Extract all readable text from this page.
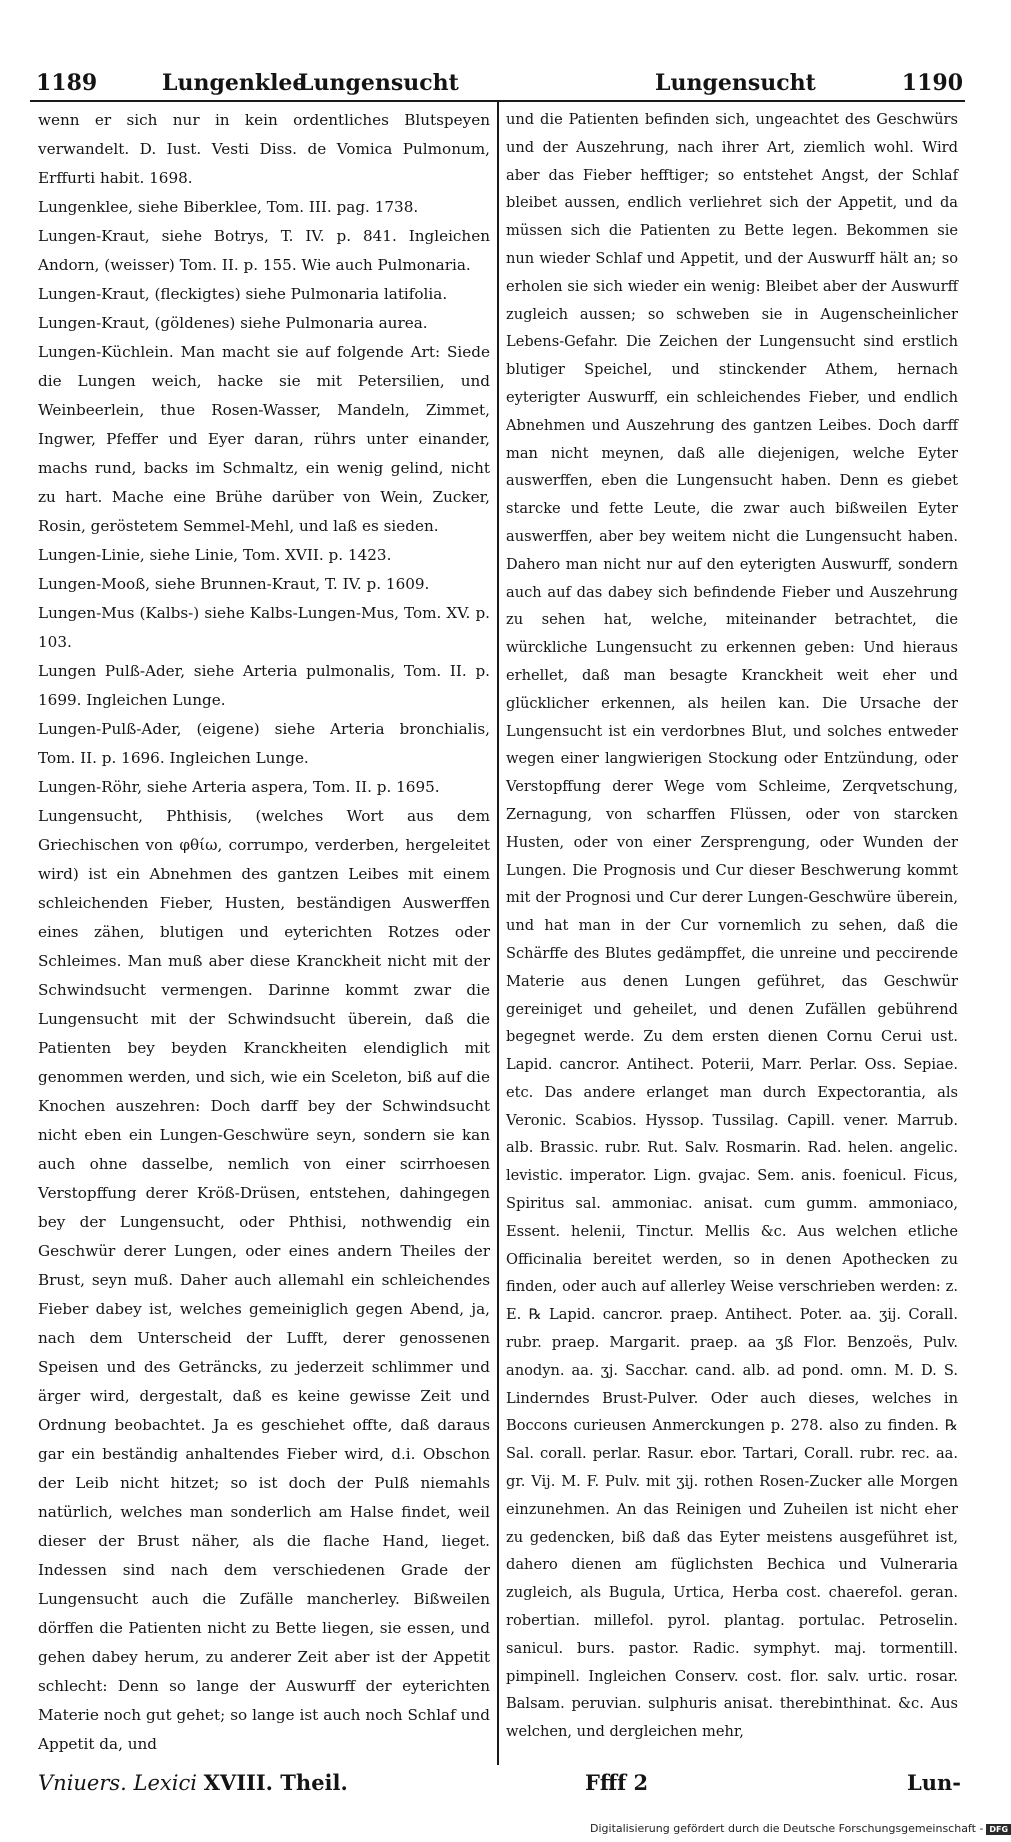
1189	Lungenklee
Lungensucht	Lungensucht	1190

wenn er sich nur in kein ordentliches Blutspeyen verwandelt. D. Iust. Vesti Diss. de Vomica Pulmonum, Erffurti habit. 1698.

Lungenklee, siehe Biberklee, Tom. III. pag. 1738.

Lungen-Kraut, siehe Botrys, T. IV. p. 841. Ingleichen Andorn, (weisser) Tom. II. p. 155. Wie auch Pulmonaria.

Lungen-Kraut, (fleckigtes) siehe Pulmonaria latifolia.

Lungen-Kraut, (göldenes) siehe Pulmonaria aurea.

Lungen-Küchlein. Man macht sie auf folgende Art: Siede die Lungen weich, hacke sie mit Petersilien, und Weinbeerlein, thue Rosen-Wasser, Mandeln, Zimmet, Ingwer, Pfeffer und Eyer daran, rührs unter einander, machs rund, backs im Schmaltz, ein wenig gelind, nicht zu hart. Mache eine Brühe darüber von Wein, Zucker, Rosin, geröstetem Semmel-Mehl, und laß es sieden.

Lungen-Linie, siehe Linie, Tom. XVII. p. 1423.

Lungen-Mooß, siehe Brunnen-Kraut, T. IV. p. 1609.

Lungen-Mus (Kalbs-) siehe Kalbs-Lungen-Mus, Tom. XV. p. 103.

Lungen Pulß-Ader, siehe Arteria pulmonalis, Tom. II. p. 1699. Ingleichen Lunge.

Lungen-Pulß-Ader, (eigene) siehe Arteria bronchialis, Tom. II. p. 1696. Ingleichen Lunge.

Lungen-Röhr, siehe Arteria aspera, Tom. II. p. 1695.

Lungensucht, Phthisis, (welches Wort aus dem Griechischen von φθίω, corrumpo, verderben, hergeleitet wird) ist ein Abnehmen des gantzen Leibes mit einem schleichenden Fieber, Husten, beständigen Auswerffen eines zähen, blutigen und eyterichten Rotzes oder Schleimes. Man muß aber diese Kranckheit nicht mit der Schwindsucht vermengen. Darinne kommt zwar die Lungensucht mit der Schwindsucht überein, daß die Patienten bey beyden Kranckheiten elendiglich mit genommen werden, und sich, wie ein Sceleton, biß auf die Knochen auszehren: Doch darff bey der Schwindsucht nicht eben ein Lungen-Geschwüre seyn, sondern sie kan auch ohne dasselbe, nemlich von einer scirrhoesen Verstopffung derer Kröß-Drüsen, entstehen, dahingegen bey der Lungensucht, oder Phthisi, nothwendig ein Geschwür derer Lungen, oder eines andern Theiles der Brust, seyn muß. Daher auch allemahl ein schleichendes Fieber dabey ist, welches gemeiniglich gegen Abend, ja, nach dem Unterscheid der Lufft, derer genossenen Speisen und des Geträncks, zu jederzeit schlimmer und ärger wird, dergestalt, daß es keine gewisse Zeit und Ordnung beobachtet. Ja es geschiehet offte, daß daraus gar ein beständig anhaltendes Fieber wird, d.i. Obschon der Leib nicht hitzet; so ist doch der Pulß niemahls natürlich, welches man sonderlich am Halse findet, weil dieser der Brust näher, als die flache Hand, lieget. Indessen sind nach dem verschiedenen Grade der Lungensucht auch die Zufälle mancherley. Bißweilen dörffen die Patienten nicht zu Bette liegen, sie essen, und gehen dabey herum, zu anderer Zeit aber ist der Appetit schlecht: Denn so lange der Auswurff der eyterichten Materie noch gut gehet; so lange ist auch noch Schlaf und Appetit da, und

und die Patienten befinden sich, ungeachtet des Geschwürs und der Auszehrung, nach ihrer Art, ziemlich wohl. Wird aber das Fieber hefftiger; so entstehet Angst, der Schlaf bleibet aussen, endlich verliehret sich der Appetit, und da müssen sich die Patienten zu Bette legen. Bekommen sie nun wieder Schlaf und Appetit, und der Auswurff hält an; so erholen sie sich wieder ein wenig: Bleibet aber der Auswurff zugleich aussen; so schweben sie in Augenscheinlicher Lebens-Gefahr. Die Zeichen der Lungensucht sind erstlich blutiger Speichel, und stinckender Athem, hernach eyterigter Auswurff, ein schleichendes Fieber, und endlich Abnehmen und Auszehrung des gantzen Leibes. Doch darff man nicht meynen, daß alle diejenigen, welche Eyter auswerffen, eben die Lungensucht haben. Denn es giebet starcke und fette Leute, die zwar auch bißweilen Eyter auswerffen, aber bey weitem nicht die Lungensucht haben. Dahero man nicht nur auf den eyterigten Auswurff, sondern auch auf das dabey sich befindende Fieber und Auszehrung zu sehen hat, welche, miteinander betrachtet, die würckliche Lungensucht zu erkennen geben: Und hieraus erhellet, daß man besagte Kranckheit weit eher und glücklicher erkennen, als heilen kan. Die Ursache der Lungensucht ist ein verdorbnes Blut, und solches entweder wegen einer langwierigen Stockung oder Entzündung, oder Verstopffung derer Wege vom Schleime, Zerqvetschung, Zernagung, von scharffen Flüssen, oder von starcken Husten, oder von einer Zersprengung, oder Wunden der Lungen. Die Prognosis und Cur dieser Beschwerung kommt mit der Prognosi und Cur derer Lungen-Geschwüre überein, und hat man in der Cur vornemlich zu sehen, daß die Schärffe des Blutes gedämpffet, die unreine und peccirende Materie aus denen Lungen geführet, das Geschwür gereiniget und geheilet, und denen Zufällen gebührend begegnet werde. Zu dem ersten dienen Cornu Cerui ust. Lapid. cancror. Antihect. Poterii, Marr. Perlar. Oss. Sepiae. etc. Das andere erlanget man durch Expectorantia, als Veronic. Scabios. Hyssop. Tussilag. Capill. vener. Marrub. alb. Brassic. rubr. Rut. Salv. Rosmarin. Rad. helen. angelic. levistic. imperator. Lign. gvajac. Sem. anis. foenicul. Ficus, Spiritus sal. ammoniac. anisat. cum gumm. ammoniaco, Essent. helenii, Tinctur. Mellis &c. Aus welchen etliche Officinalia bereitet werden, so in denen Apothecken zu finden, oder auch auf allerley Weise verschrieben werden: z. E. ℞ Lapid. cancror. praep. Antihect. Poter. aa. ʒij. Corall. rubr. praep. Margarit. praep. aa ʒß Flor. Benzoës, Pulv. anodyn. aa. ʒj. Sacchar. cand. alb. ad pond. omn. M. D. S. Linderndes Brust-Pulver. Oder auch dieses, welches in Boccons curieusen Anmerckungen p. 278. also zu finden. ℞ Sal. corall. perlar. Rasur. ebor. Tartari, Corall. rubr. rec. aa. gr. Vij. M. F. Pulv. mit ʒij. rothen Rosen-Zucker alle Morgen einzunehmen. An das Reinigen und Zuheilen ist nicht eher zu gedencken, biß daß das Eyter meistens ausgeführet ist, dahero dienen am füglichsten Bechica und Vulneraria zugleich, als Bugula, Urtica, Herba cost. chaerefol. geran. robertian. millefol. pyrol. plantag. portulac. Petroselin. sanicul. burs. pastor. Radic. symphyt. maj. tormentill. pimpinell. Ingleichen Conserv. cost. flor. salv. urtic. rosar. Balsam. peruvian. sulphuris anisat. therebinthinat. &c. Aus welchen, und dergleichen mehr,

Vniuers. Lexici XVIII. Theil.	Ffff 2	Lun-
Digitalisierung gefördert durch die Deutsche Forschungsgemeinschaft - DFG
